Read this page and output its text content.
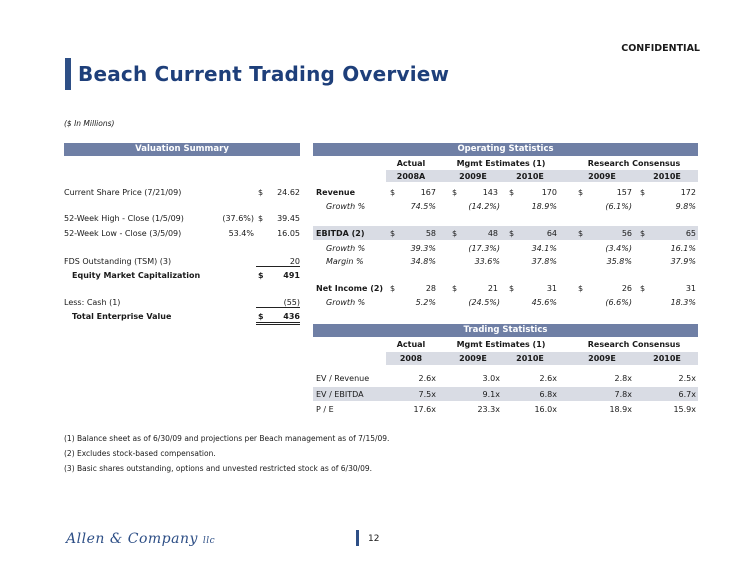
CONFIDENTIAL
Beach Current Trading Overview
($ In Millions)
Valuation Summary
Current Share Price (7/21/09)	$	24.62
52-Week High - Close (1/5/09)	(37.6%) $	39.45
52-Week Low - Close (3/5/09)	53.4%	16.05
FDS Outstanding (TSM) (3)	20
Equity Market Capitalization	$	491
Less: Cash (1)	(55)
Total Enterprise Value	$	436
Operating Statistics
Actual	Mgmt Estimates (1)	Research Consensus
2008A	2009E	2010E	2009E	2010E
Revenue	$	167 $	143 $	170	$	157 $	172
Growth %	74.5%	(14.2%)	18.9%	(6.1%)	9.8%
EBITDA (2)	$	58 $	48 $	64	$	56 $	65
Growth %	39.3%	(17.3%)	34.1%	(3.4%)	16.1%
Margin %	34.8%	33.6%	37.8%	35.8%	37.9%
Net Income (2) $	28 $	21 $	31	$	26 $	31
Growth %	5.2%	(24.5%)	45.6%	(6.6%)	18.3%
Trading Statistics
Actual	Mgmt Estimates (1)	Research Consensus
2008	2009E	2010E	2009E	2010E
EV / Revenue	2.6x	3.0x	2.6x	2.8x	2.5x
EV / EBITDA	7.5x	9.1x	6.8x	7.8x	6.7x
P / E	17.6x	23.3x	16.0x	18.9x	15.9x
(1) Balance sheet as of 6/30/09 and projections per Beach management as of 7/15/09.
(2) Excludes stock-based compensation.
(3) Basic shares outstanding, options and unvested restricted stock as of 6/30/09.
Allen & Company llc	12
